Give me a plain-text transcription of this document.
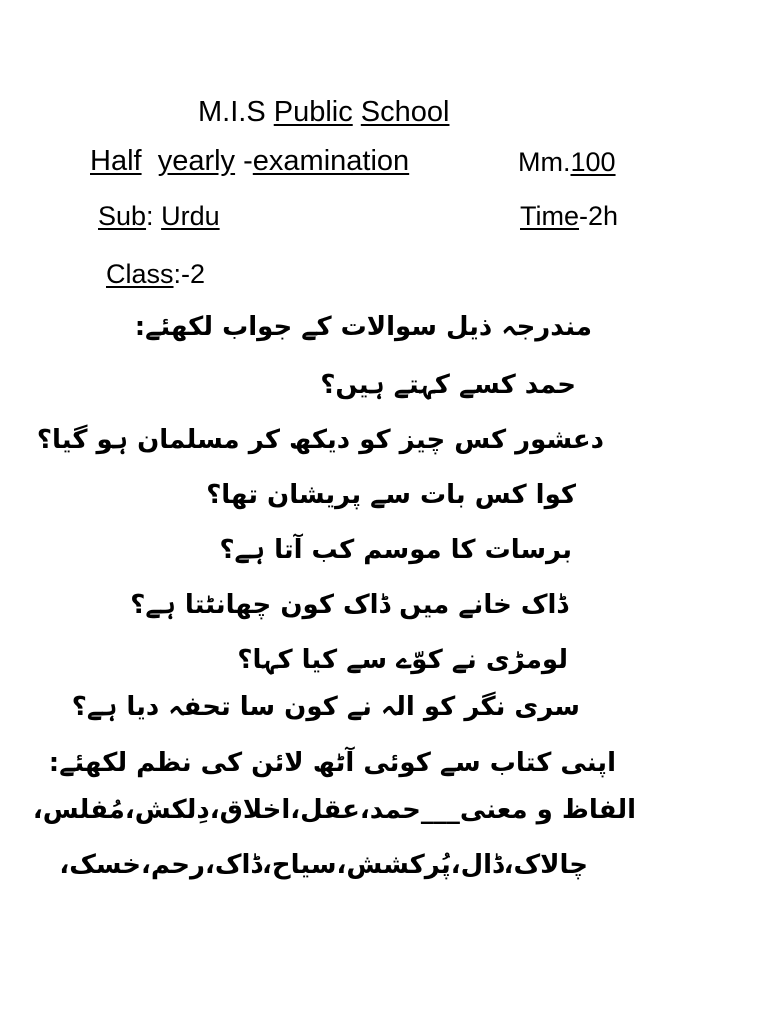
M.I.S Public School
Half yearly -examination	Mm.100
Sub: Urdu	Time-2h
Class:-2
مندرجہ ذیل سوالات کے جواب لکھئے:
حمد کسے کہتے ہیں؟
دعشور کس چیز کو دیکھ کر مسلمان ہو گیا؟
کوا کس بات سے پریشان تھا؟
برسات کا موسم کب آتا ہے؟
ڈاک خانے میں ڈاک کون چھانٹتا ہے؟
لومڑی نے کوّے سے کیا کہا؟
سری نگر کو الہ نے کون سا تحفہ دیا ہے؟
اپنی کتاب سے کوئی آٹھ لائن کی نظم لکھئے:
الفاظ و معنی___حمد،عقل،اخلاق،دِلکش،مُفلس،
چالاک،ڈال،پُرکشش،سیاح،ڈاک،رحم،خسک،
